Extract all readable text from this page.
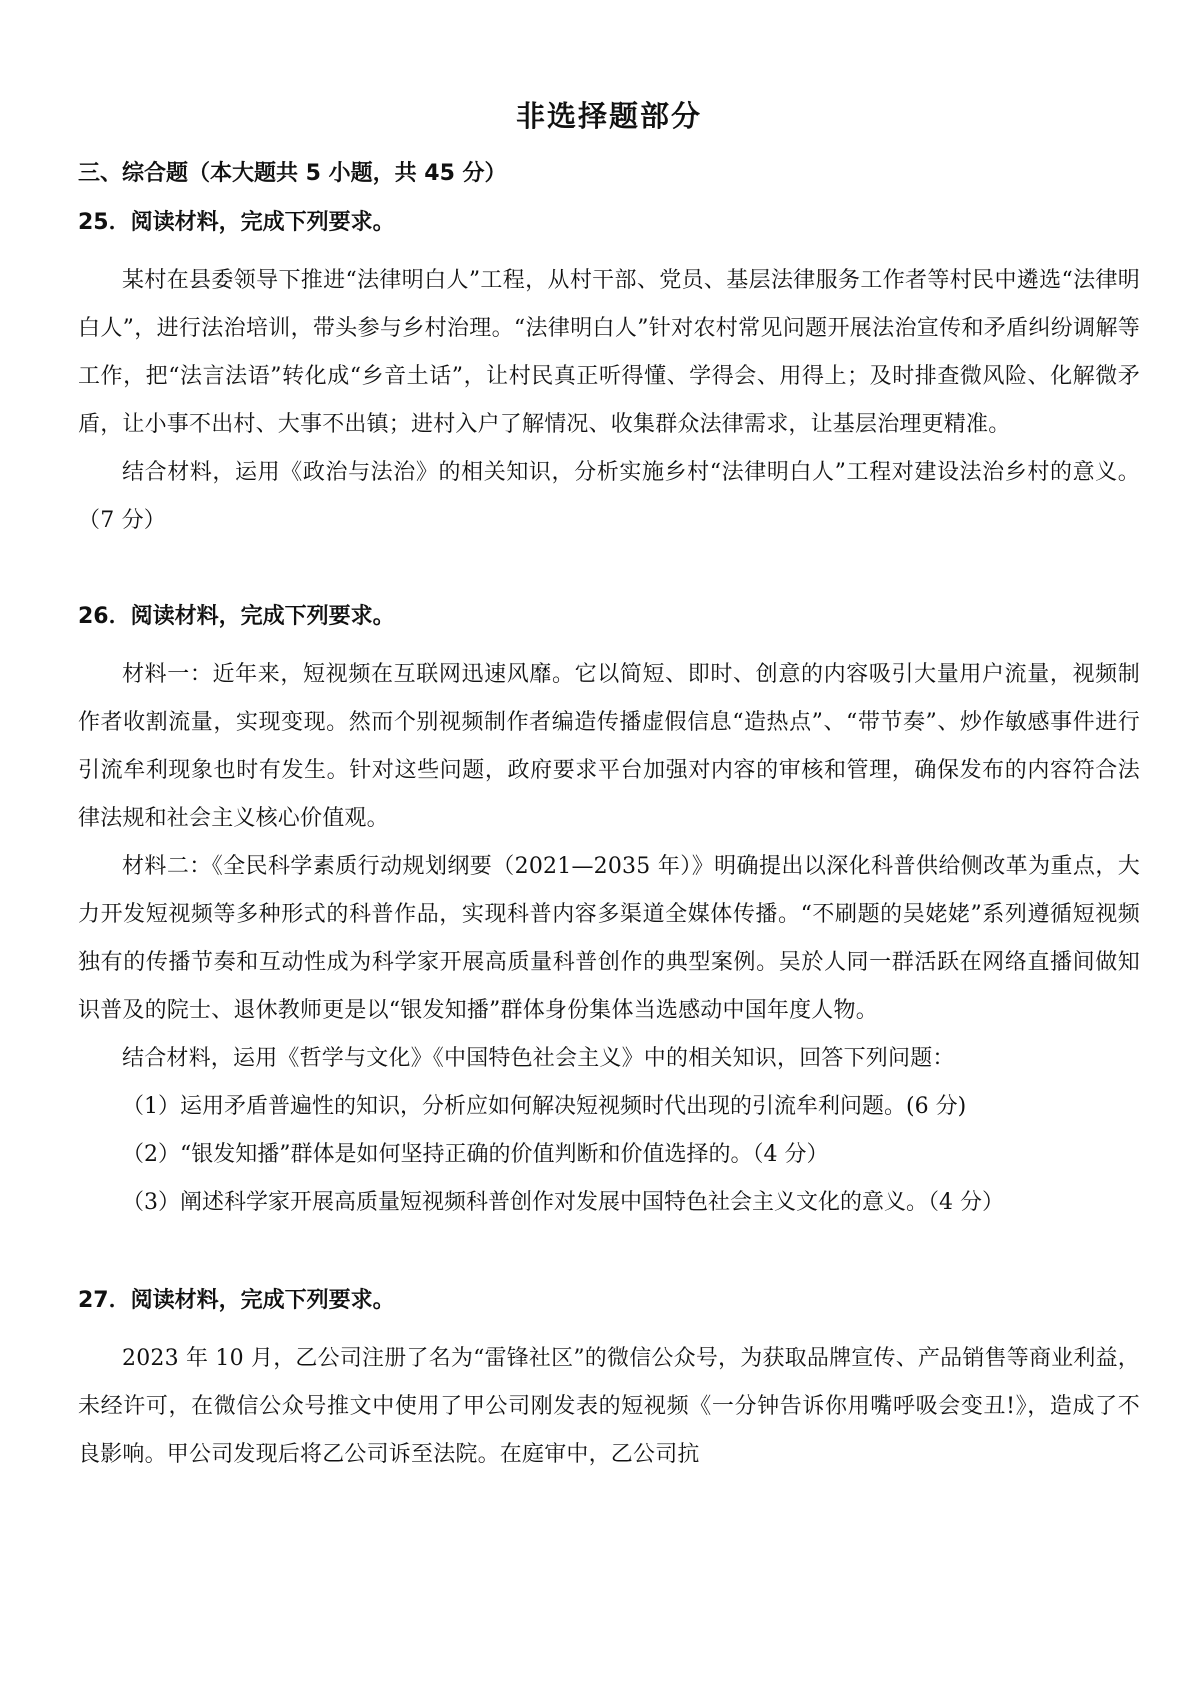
非选择题部分
三、综合题（本大题共 5 小题，共 45 分）
25．阅读材料，完成下列要求。

某村在县委领导下推进“法律明白人”工程，从村干部、党员、基层法律服务工作者等村民中遴选“法律明白人”，进行法治培训，带头参与乡村治理。“法律明白人”针对农村常见问题开展法治宣传和矛盾纠纷调解等工作，把“法言法语”转化成“乡音土话”，让村民真正听得懂、学得会、用得上；及时排查微风险、化解微矛盾，让小事不出村、大事不出镇；进村入户了解情况、收集群众法律需求，让基层治理更精准。

结合材料，运用《政治与法治》的相关知识，分析实施乡村“法律明白人”工程对建设法治乡村的意义。（7 分）

26．阅读材料，完成下列要求。

材料一：近年来，短视频在互联网迅速风靡。它以简短、即时、创意的内容吸引大量用户流量，视频制作者收割流量，实现变现。然而个别视频制作者编造传播虚假信息“造热点”、“带节奏”、炒作敏感事件进行引流牟利现象也时有发生。针对这些问题，政府要求平台加强对内容的审核和管理，确保发布的内容符合法律法规和社会主义核心价值观。

材料二：《全民科学素质行动规划纲要（2021—2035 年）》明确提出以深化科普供给侧改革为重点，大力开发短视频等多种形式的科普作品，实现科普内容多渠道全媒体传播。“不刷题的吴姥姥”系列遵循短视频独有的传播节奏和互动性成为科学家开展高质量科普创作的典型案例。吴於人同一群活跃在网络直播间做知识普及的院士、退休教师更是以“银发知播”群体身份集体当选感动中国年度人物。

结合材料，运用《哲学与文化》《中国特色社会主义》中的相关知识，回答下列问题：

（1）运用矛盾普遍性的知识，分析应如何解决短视频时代出现的引流牟利问题。(6 分)

（2）“银发知播”群体是如何坚持正确的价值判断和价值选择的。（4 分）

（3）阐述科学家开展高质量短视频科普创作对发展中国特色社会主义文化的意义。（4 分）

27．阅读材料，完成下列要求。

2023 年 10 月，乙公司注册了名为“雷锋社区”的微信公众号，为获取品牌宣传、产品销售等商业利益，未经许可，在微信公众号推文中使用了甲公司刚发表的短视频《一分钟告诉你用嘴呼吸会变丑!》，造成了不良影响。甲公司发现后将乙公司诉至法院。在庭审中，乙公司抗
